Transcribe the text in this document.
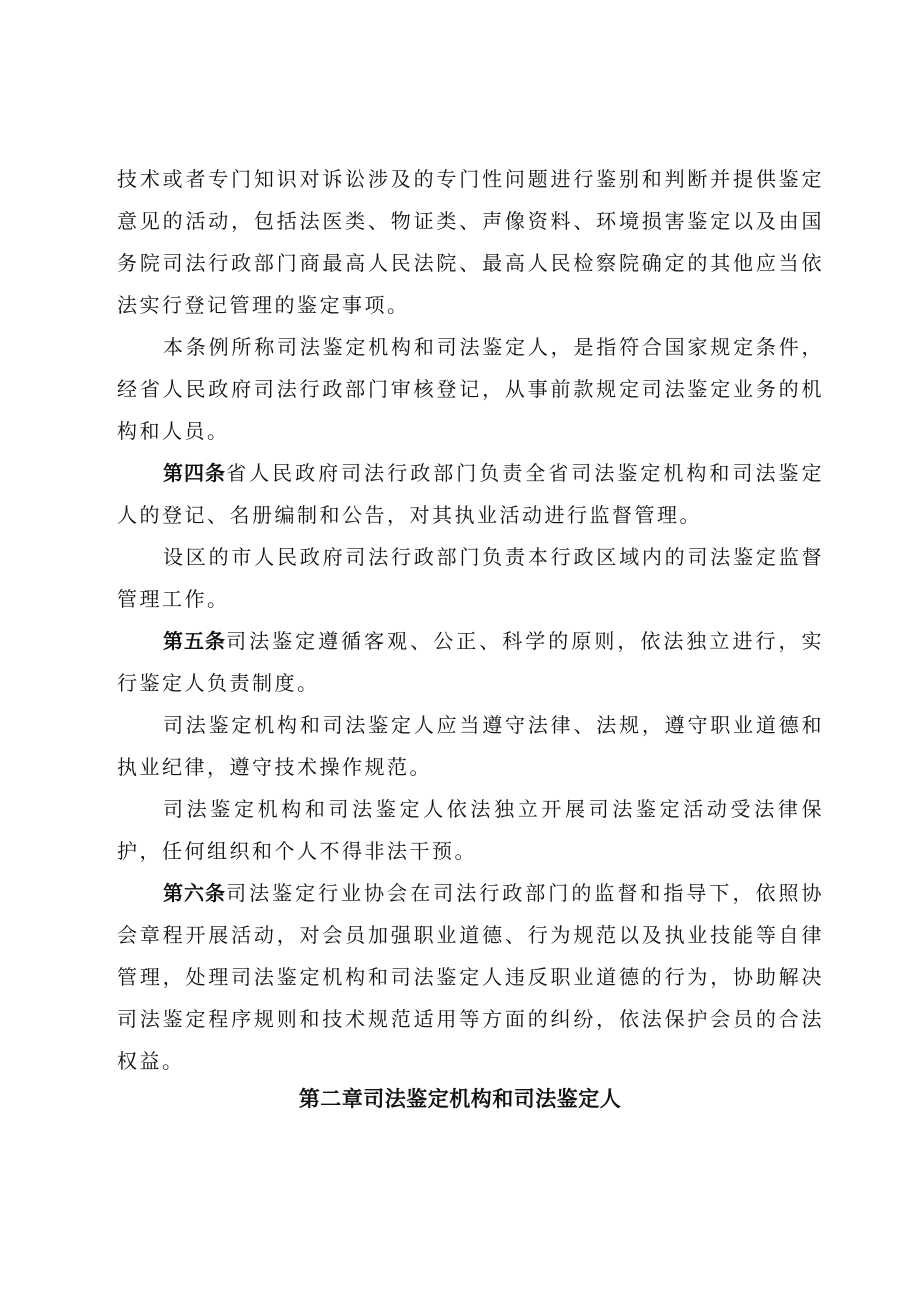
技术或者专门知识对诉讼涉及的专门性问题进行鉴别和判断并提供鉴定意见的活动，包括法医类、物证类、声像资料、环境损害鉴定以及由国务院司法行政部门商最高人民法院、最高人民检察院确定的其他应当依法实行登记管理的鉴定事项。

本条例所称司法鉴定机构和司法鉴定人，是指符合国家规定条件，经省人民政府司法行政部门审核登记，从事前款规定司法鉴定业务的机构和人员。

第四条省人民政府司法行政部门负责全省司法鉴定机构和司法鉴定人的登记、名册编制和公告，对其执业活动进行监督管理。

设区的市人民政府司法行政部门负责本行政区域内的司法鉴定监督管理工作。

第五条司法鉴定遵循客观、公正、科学的原则，依法独立进行，实行鉴定人负责制度。

司法鉴定机构和司法鉴定人应当遵守法律、法规，遵守职业道德和执业纪律，遵守技术操作规范。

司法鉴定机构和司法鉴定人依法独立开展司法鉴定活动受法律保护，任何组织和个人不得非法干预。

第六条司法鉴定行业协会在司法行政部门的监督和指导下，依照协会章程开展活动，对会员加强职业道德、行为规范以及执业技能等自律管理，处理司法鉴定机构和司法鉴定人违反职业道德的行为，协助解决司法鉴定程序规则和技术规范适用等方面的纠纷，依法保护会员的合法权益。

第二章司法鉴定机构和司法鉴定人
